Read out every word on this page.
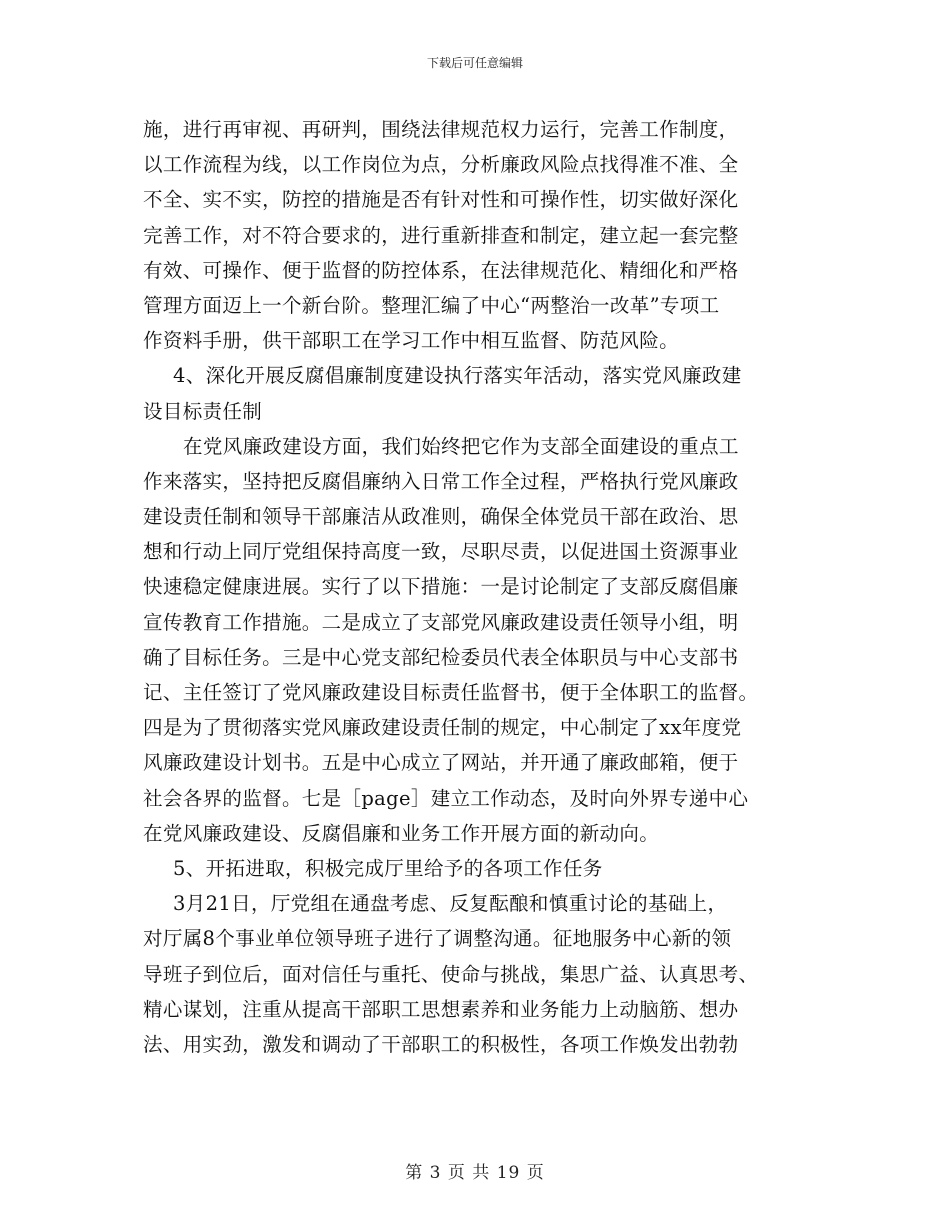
下载后可任意编辑
施，进行再审视、再研判，围绕法律规范权力运行，完善工作制度，
以工作流程为线，以工作岗位为点，分析廉政风险点找得准不准、全
不全、实不实，防控的措施是否有针对性和可操作性，切实做好深化
完善工作，对不符合要求的，进行重新排查和制定，建立起一套完整
有效、可操作、便于监督的防控体系，在法律规范化、精细化和严格
管理方面迈上一个新台阶。整理汇编了中心“两整治一改革”专项工
作资料手册，供干部职工在学习工作中相互监督、防范风险。
4、深化开展反腐倡廉制度建设执行落实年活动，落实党风廉政建
设目标责任制
在党风廉政建设方面，我们始终把它作为支部全面建设的重点工
作来落实，坚持把反腐倡廉纳入日常工作全过程，严格执行党风廉政
建设责任制和领导干部廉洁从政准则，确保全体党员干部在政治、思
想和行动上同厅党组保持高度一致，尽职尽责，以促进国土资源事业
快速稳定健康进展。实行了以下措施：一是讨论制定了支部反腐倡廉
宣传教育工作措施。二是成立了支部党风廉政建设责任领导小组，明
确了目标任务。三是中心党支部纪检委员代表全体职员与中心支部书
记、主任签订了党风廉政建设目标责任监督书，便于全体职工的监督。
四是为了贯彻落实党风廉政建设责任制的规定，中心制定了xx年度党
风廉政建设计划书。五是中心成立了网站，并开通了廉政邮箱，便于
社会各界的监督。七是［page］建立工作动态，及时向外界专递中心
在党风廉政建设、反腐倡廉和业务工作开展方面的新动向。
5、开拓进取，积极完成厅里给予的各项工作任务
3月21日，厅党组在通盘考虑、反复酝酿和慎重讨论的基础上，
对厅属8个事业单位领导班子进行了调整沟通。征地服务中心新的领
导班子到位后，面对信任与重托、使命与挑战，集思广益、认真思考、
精心谋划，注重从提高干部职工思想素养和业务能力上动脑筋、想办
法、用实劲，激发和调动了干部职工的积极性，各项工作焕发出勃勃
第 3 页 共 19 页
